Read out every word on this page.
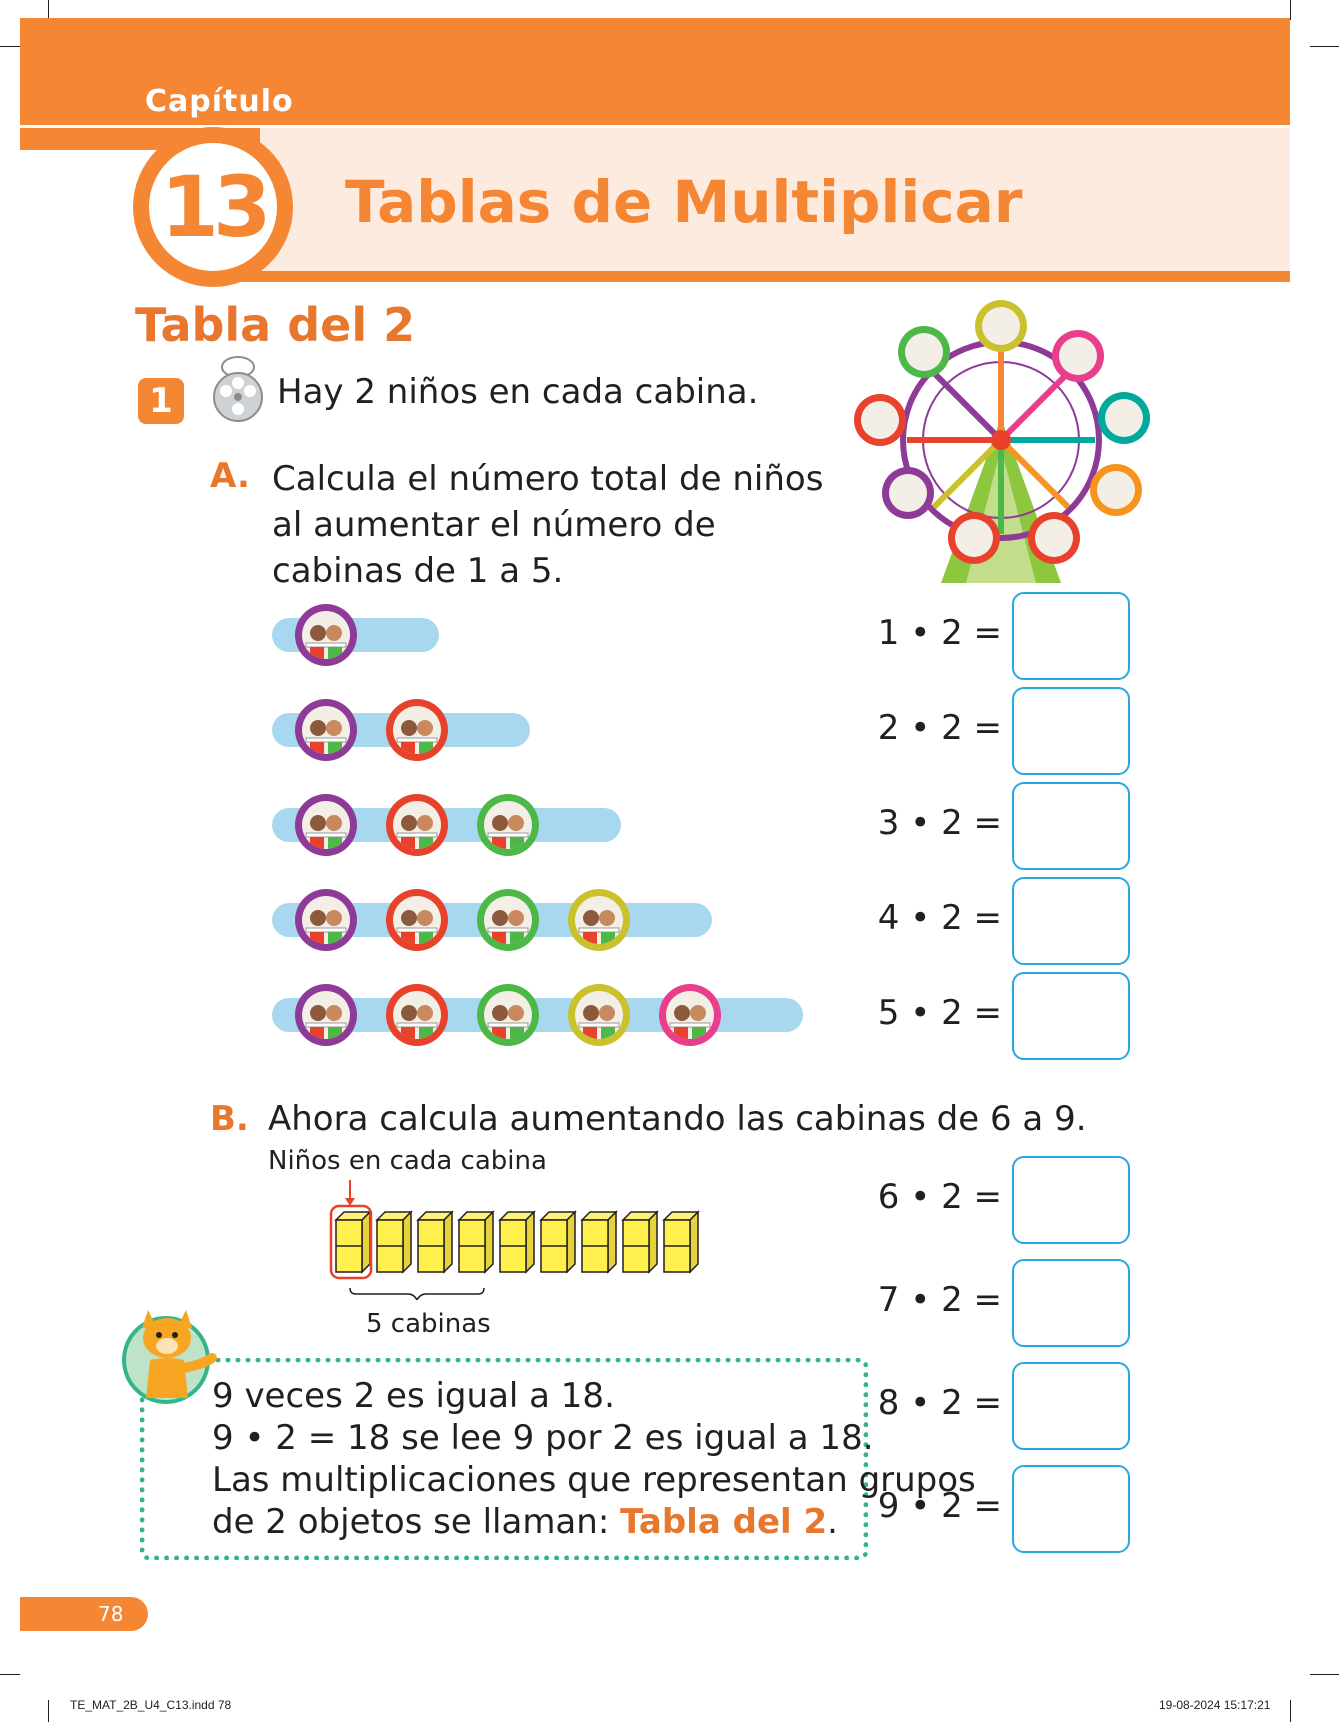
Capítulo
13 Tablas de Multiplicar
Tabla del 2
1	Hay 2 niños en cada cabina.
A. Calcula el número total de niños al aumentar el número de cabinas de 1 a 5.
1 • 2 =
2 • 2 =
3 • 2 =
4 • 2 =
5 • 2 =
B. Ahora calcula aumentando las cabinas de 6 a 9.
Niños en cada cabina
5 cabinas
6 • 2 =
7 • 2 =
8 • 2 =
9 • 2 =
9 veces 2 es igual a 18.
9 • 2 = 18 se lee 9 por 2 es igual a 18.
Las multiplicaciones que representan grupos
de 2 objetos se llaman: Tabla del 2.
78
TE_MAT_2B_U4_C13.indd 78	19-08-2024 15:17:21
